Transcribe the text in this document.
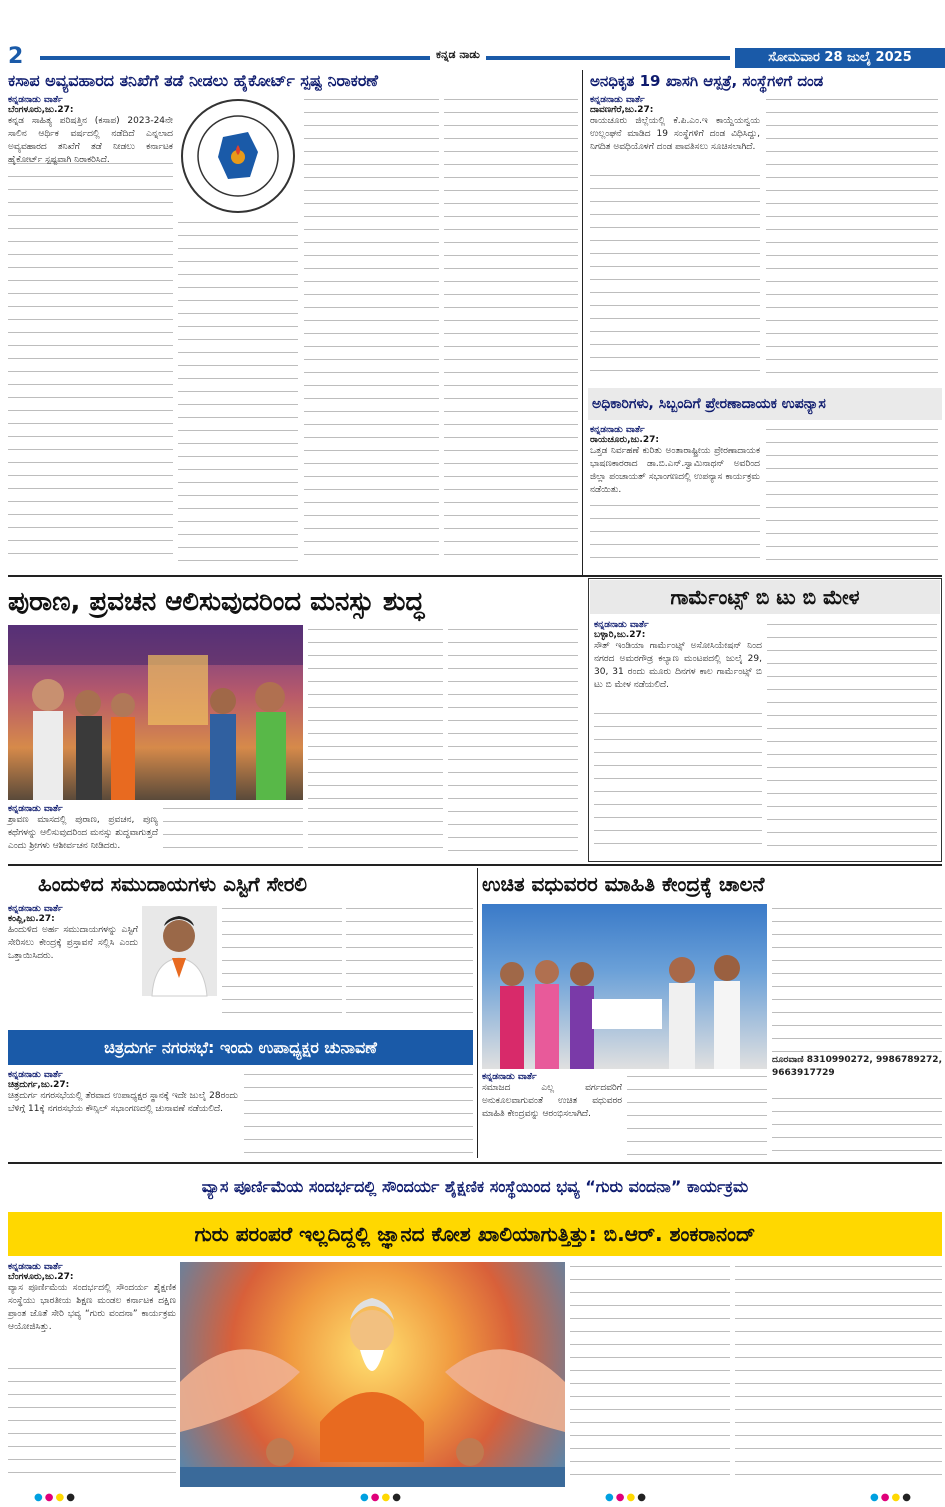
2	ಕನ್ನಡ ನಾಡು	ಸೋಮವಾರ 28 ಜುಲೈ 2025
ಕಸಾಪ ಅವ್ಯವಹಾರದ ತನಿಖೆಗೆ ತಡೆ ನೀಡಲು ಹೈಕೋರ್ಟ್ ಸ್ಪಷ್ಟ ನಿರಾಕರಣೆ
ಕನ್ನಡನಾಡು ವಾರ್ತೆ
ಬೆಂಗಳೂರು,ಜು.27:
ಕನ್ನಡ ಸಾಹಿತ್ಯ ಪರಿಷತ್ತಿನ (ಕಸಾಪ) 2023-24ನೇ ಸಾಲಿನ ಆರ್ಥಿಕ ವರ್ಷದಲ್ಲಿ ನಡೆದಿದೆ ಎನ್ನಲಾದ ಅವ್ಯವಹಾರದ ತನಿಖೆಗೆ ತಡೆ ನೀಡಲು ಕರ್ನಾಟಕ ಹೈಕೋರ್ಟ್ ಸ್ಪಷ್ಟವಾಗಿ ನಿರಾಕರಿಸಿದೆ.
ಅನಧಿಕೃತ 19 ಖಾಸಗಿ ಆಸ್ಪತ್ರೆ, ಸಂಸ್ಥೆಗಳಿಗೆ ದಂಡ
ಕನ್ನಡನಾಡು ವಾರ್ತೆ
ದಾವಣಗೆರೆ,ಜು.27:
ರಾಯಚೂರು ಜಿಲ್ಲೆಯಲ್ಲಿ ಕೆ.ಪಿ.ಎಂ.ಇ ಕಾಯ್ದೆಯನ್ವಯ ಉಲ್ಲಂಘನೆ ಮಾಡಿದ 19 ಸಂಸ್ಥೆಗಳಿಗೆ ದಂಡ ವಿಧಿಸಿದ್ದು, ನಿಗದಿತ ಅವಧಿಯೊಳಗೆ ದಂಡ ಪಾವತಿಸಲು ಸೂಚಿಸಲಾಗಿದೆ.
ಅಧಿಕಾರಿಗಳು, ಸಿಬ್ಬಂದಿಗೆ ಪ್ರೇರಣಾದಾಯಕ ಉಪನ್ಯಾಸ
ಕನ್ನಡನಾಡು ವಾರ್ತೆ
ರಾಯಚೂರು,ಜು.27:
ಒತ್ತಡ ನಿರ್ವಹಣೆ ಕುರಿತು ಅಂತಾರಾಷ್ಟ್ರೀಯ ಪ್ರೇರಣಾದಾಯಕ ಭಾಷಣಕಾರರಾದ ಡಾ.ಬಿ.ಎನ್.ಸ್ವಾಮಿನಾಥನ್ ಅವರಿಂದ ಜಿಲ್ಲಾ ಪಂಚಾಯತ್ ಸಭಾಂಗಣದಲ್ಲಿ ಉಪನ್ಯಾಸ ಕಾರ್ಯಕ್ರಮ ನಡೆಯಿತು.
ಪುರಾಣ, ಪ್ರವಚನ ಆಲಿಸುವುದರಿಂದ ಮನಸ್ಸು ಶುದ್ಧ
ಕನ್ನಡನಾಡು ವಾರ್ತೆ
ಶ್ರಾವಣ ಮಾಸದಲ್ಲಿ ಪುರಾಣ, ಪ್ರವಚನ, ಪುಣ್ಯ ಕಥೆಗಳನ್ನು ಆಲಿಸುವುದರಿಂದ ಮನಸ್ಸು ಶುದ್ಧವಾಗುತ್ತದೆ ಎಂದು ಶ್ರೀಗಳು ಆಶೀರ್ವಚನ ನೀಡಿದರು.
ಗಾರ್ಮೆಂಟ್ಸ್ ಬಿ ಟು ಬಿ ಮೇಳ
ಕನ್ನಡನಾಡು ವಾರ್ತೆ
ಬಳ್ಳಾರಿ,ಜು.27:
ಸೌತ್ ಇಂಡಿಯಾ ಗಾರ್ಮೆಂಟ್ಸ್ ಅಸೋಸಿಯೇಷನ್ ನಿಂದ ನಗರದ ಅಮರಗೌಡ್ರ ಕಲ್ಯಾಣ ಮಂಟಪದಲ್ಲಿ ಜುಲೈ 29, 30, 31 ರಂದು ಮೂರು ದಿನಗಳ ಕಾಲ ಗಾರ್ಮೆಂಟ್ಸ್ ಬಿ ಟು ಬಿ ಮೇಳ ನಡೆಯಲಿದೆ.
ಹಿಂದುಳಿದ ಸಮುದಾಯಗಳು ಎಸ್ಟಿಗೆ ಸೇರಲಿ
ಕನ್ನಡನಾಡು ವಾರ್ತೆ
ಕಂಪ್ಲಿ,ಜು.27:
ಹಿಂದುಳಿದ ಅರ್ಹ ಸಮುದಾಯಗಳನ್ನು ಎಸ್ಟಿಗೆ ಸೇರಿಸಲು ಕೇಂದ್ರಕ್ಕೆ ಪ್ರಸ್ತಾವನೆ ಸಲ್ಲಿಸಿ ಎಂದು ಒತ್ತಾಯಿಸಿದರು.
ಚಿತ್ರದುರ್ಗ ನಗರಸಭೆ: ಇಂದು ಉಪಾಧ್ಯಕ್ಷರ ಚುನಾವಣೆ
ಕನ್ನಡನಾಡು ವಾರ್ತೆ
ಚಿತ್ರದುರ್ಗ,ಜು.27:
ಚಿತ್ರದುರ್ಗ ನಗರಸಭೆಯಲ್ಲಿ ತೆರವಾದ ಉಪಾಧ್ಯಕ್ಷರ ಸ್ಥಾನಕ್ಕೆ ಇದೇ ಜುಲೈ 28ರಂದು ಬೆಳಿಗ್ಗೆ 11ಕ್ಕೆ ನಗರಸಭೆಯ ಕೌನ್ಸಿಲ್ ಸಭಾಂಗಣದಲ್ಲಿ ಚುನಾವಣೆ ನಡೆಯಲಿದೆ.
ಉಚಿತ ವಧುವರರ ಮಾಹಿತಿ ಕೇಂದ್ರಕ್ಕೆ ಚಾಲನೆ
ದೂರವಾಣಿ 8310990272, 9986789272, 9663917729
ಕನ್ನಡನಾಡು ವಾರ್ತೆ
ಸಮಾಜದ ಎಲ್ಲ ವರ್ಗದವರಿಗೆ ಅನುಕೂಲವಾಗುವಂತೆ ಉಚಿತ ವಧುವರರ ಮಾಹಿತಿ ಕೇಂದ್ರವನ್ನು ಆರಂಭಿಸಲಾಗಿದೆ.
ವ್ಯಾಸ ಪೂರ್ಣಿಮೆಯ ಸಂದರ್ಭದಲ್ಲಿ ಸೌಂದರ್ಯ ಶೈಕ್ಷಣಿಕ ಸಂಸ್ಥೆಯಿಂದ ಭವ್ಯ “ಗುರು ವಂದನಾ” ಕಾರ್ಯಕ್ರಮ
ಗುರು ಪರಂಪರೆ ಇಲ್ಲದಿದ್ದಲ್ಲಿ ಜ್ಞಾನದ ಕೋಶ ಖಾಲಿಯಾಗುತ್ತಿತ್ತು: ಬಿ.ಆರ್. ಶಂಕರಾನಂದ್
ಕನ್ನಡನಾಡು ವಾರ್ತೆ
ಬೆಂಗಳೂರು,ಜು.27:
ವ್ಯಾಸ ಪೂರ್ಣಿಮೆಯ ಸಂದರ್ಭದಲ್ಲಿ ಸೌಂದರ್ಯ ಶೈಕ್ಷಣಿಕ ಸಂಸ್ಥೆಯು ಭಾರತೀಯ ಶಿಕ್ಷಣ ಮಂಡಲ ಕರ್ನಾಟಕ ದಕ್ಷಿಣ ಪ್ರಾಂತ ಜೊತೆ ಸೇರಿ ಭವ್ಯ “ಗುರು ವಂದನಾ” ಕಾರ್ಯಕ್ರಮ ಆಯೋಜಿಸಿತ್ತು.
●●●●	●●●●	●●●●	●●●●
